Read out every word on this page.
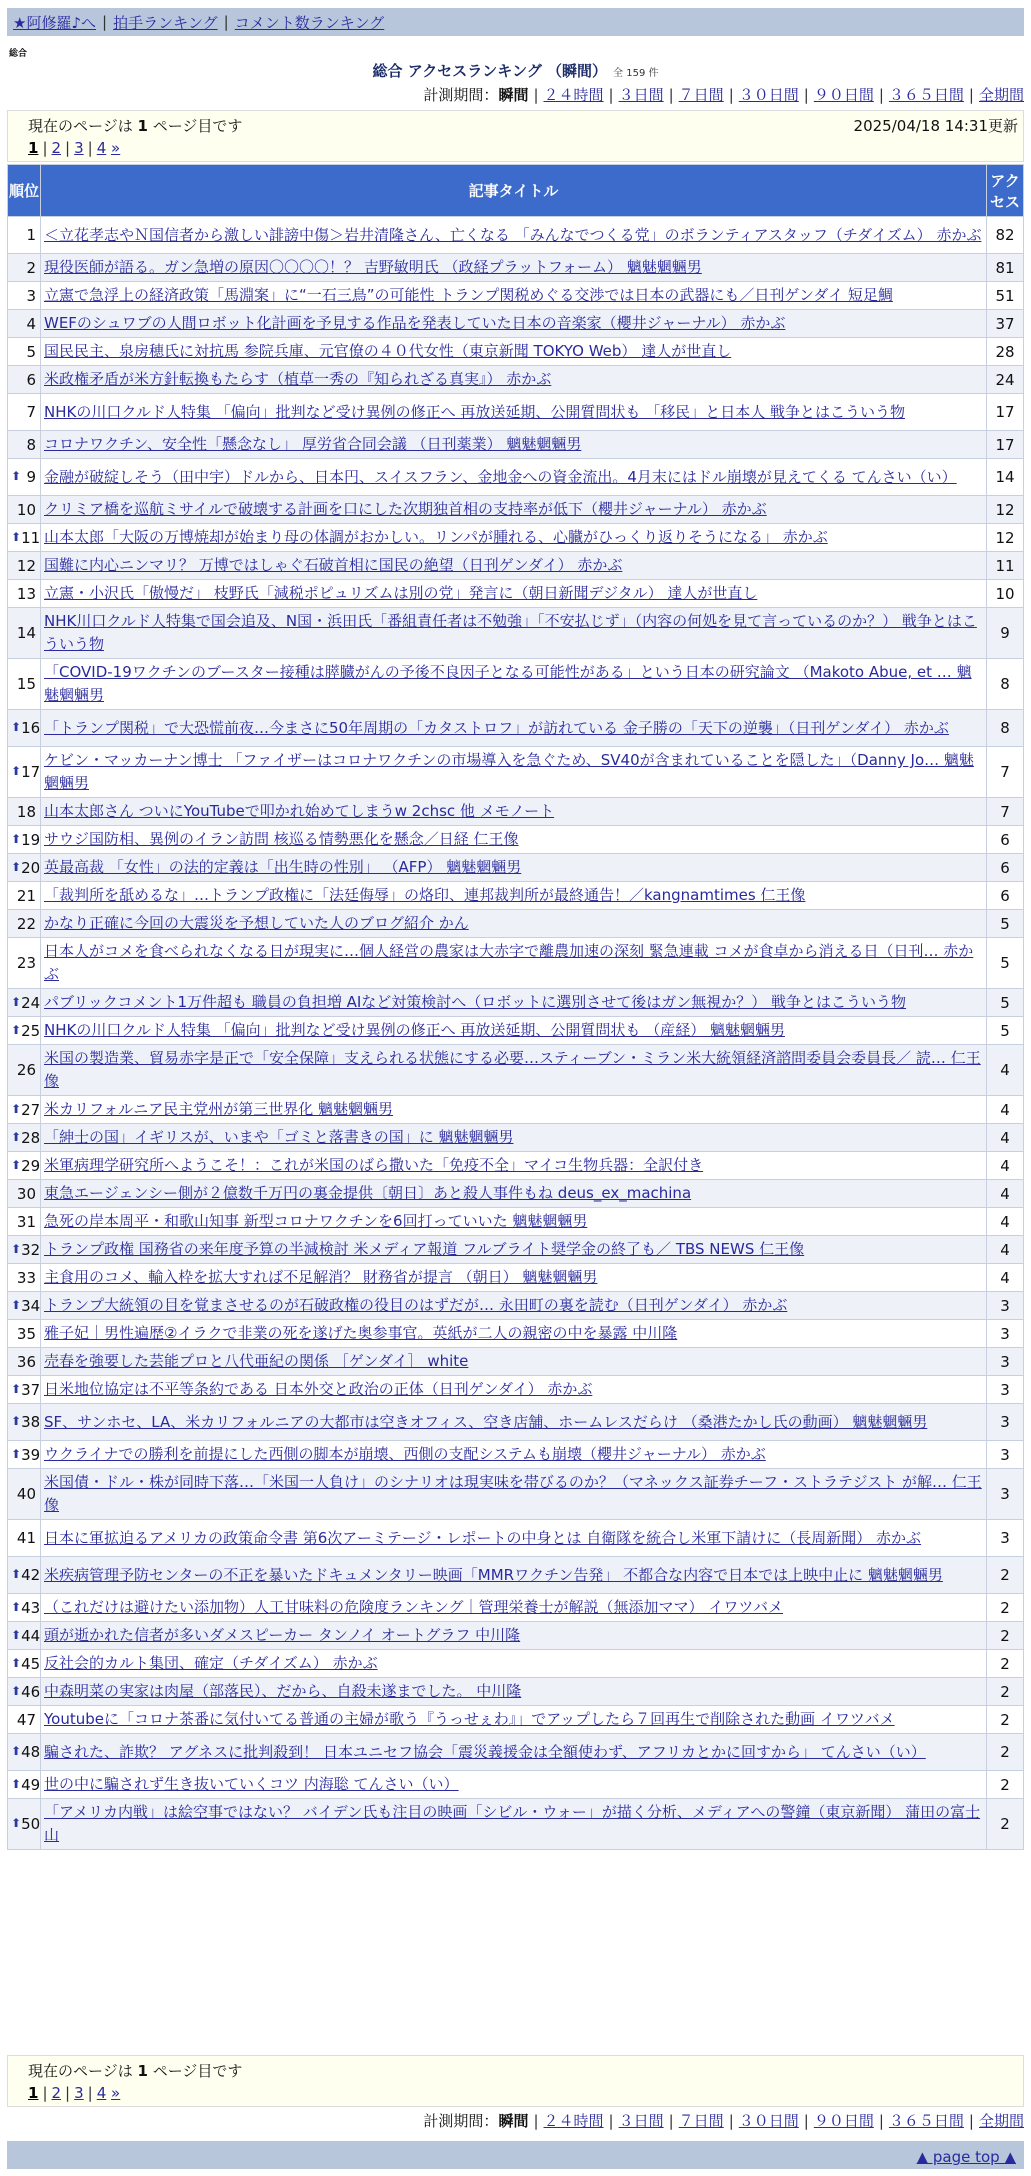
★阿修羅♪へ | 拍手ランキング | コメント数ランキング
総合
総合 アクセスランキング （瞬間） 全 159 件
計測期間：瞬間 | ２４時間 | ３日間 | ７日間 | ３０日間 | ９０日間 | ３６５日間 | 全期間
現在のページは 1 ページ目です	2025/04/18 14:31更新
1 | 2 | 3 | 4 »
順位	記事タイトル	アクセス
1	＜立花孝志やＮ国信者から激しい誹謗中傷＞岩井清隆さん、亡くなる 「みんなでつくる党」のボランティアスタッフ（チダイズム） 赤かぶ	82
2	現役医師が語る。ガン急増の原因〇〇〇〇！？ 吉野敏明氏 （政経プラットフォーム） 魑魅魍魎男	81
3	立憲で急浮上の経済政策「馬淵案」に“一石三鳥”の可能性 トランプ関税めぐる交渉では日本の武器にも／日刊ゲンダイ 短足鯛	51
4	WEFのシュワブの人間ロボット化計画を予見する作品を発表していた日本の音楽家（櫻井ジャーナル） 赤かぶ	37
5	国民民主、泉房穂氏に対抗馬 参院兵庫、元官僚の４０代女性（東京新聞 TOKYO Web） 達人が世直し	28
6	米政権矛盾が米方針転換もたらす（植草一秀の『知られざる真実』） 赤かぶ	24
7	NHKの川口クルド人特集 「偏向」批判など受け異例の修正へ 再放送延期、公開質問状も 「移民」と日本人 戦争とはこういう物	17
8	コロナワクチン、安全性「懸念なし」 厚労省合同会議 （日刊薬業） 魑魅魍魎男	17

⬆ 9	金融が破綻しそう（田中宇）ドルから、日本円、スイスフラン、金地金への資金流出。4月末にはドル崩壊が見えてくる てんさい（い）	14
10	クリミア橋を巡航ミサイルで破壊する計画を口にした次期独首相の支持率が低下（櫻井ジャーナル） 赤かぶ	12

⬆ 11	山本太郎「大阪の万博焼却が始まり母の体調がおかしい。リンパが腫れる、心臓がひっくり返りそうになる」 赤かぶ	12
12	国難に内心ニンマリ？ 万博ではしゃぐ石破首相に国民の絶望（日刊ゲンダイ） 赤かぶ	11
13	立憲・小沢氏「傲慢だ」 枝野氏「減税ポピュリズムは別の党」発言に（朝日新聞デジタル） 達人が世直し	10
14	NHK川口クルド人特集で国会追及、N国・浜田氏「番組責任者は不勉強」「不安払じず」（内容の何処を見て言っているのか？） 戦争とはこういう物	9
15	「COVID-19ワクチンのブースター接種は膵臓がんの予後不良因子となる可能性がある」という日本の研究論文 （Makoto Abue, et … 魑魅魍魎男	8

⬆ 16	「トランプ関税」で大恐慌前夜…今まさに50年周期の「カタストロフ」が訪れている 金子勝の「天下の逆襲」（日刊ゲンダイ） 赤かぶ	8

⬆ 17	ケビン・マッカーナン博士 「ファイザーはコロナワクチンの市場導入を急ぐため、SV40が含まれていることを隠した」（Danny Jo… 魑魅魍魎男	7
18	山本太郎さん ついにYouTubeで叩かれ始めてしまうw 2chsc 他 メモノート	7

⬆ 19	サウジ国防相、異例のイラン訪問 核巡る情勢悪化を懸念／日経 仁王像	6

⬆ 20	英最高裁 「女性」の法的定義は「出生時の性別」 （AFP） 魑魅魍魎男	6
21	「裁判所を舐めるな」…トランプ政権に「法廷侮辱」の烙印、連邦裁判所が最終通告！／kangnamtimes 仁王像	6
22	かなり正確に今回の大震災を予想していた人のブログ紹介 かん	5
23	日本人がコメを食べられなくなる日が現実に…個人経営の農家は大赤字で離農加速の深刻 緊急連載 コメが食卓から消える日（日刊… 赤かぶ	5

⬆ 24	パブリックコメント1万件超も 職員の負担増 AIなど対策検討へ（ロボットに選別させて後はガン無視か？） 戦争とはこういう物	5

⬆ 25	NHKの川口クルド人特集 「偏向」批判など受け異例の修正へ 再放送延期、公開質問状も （産経） 魑魅魍魎男	5
26	米国の製造業、貿易赤字是正で「安全保障」支えられる状態にする必要…スティーブン・ミラン米大統領経済諮問委員会委員長／ 読… 仁王像	4

⬆ 27	米カリフォルニア民主党州が第三世界化 魑魅魍魎男	4

⬆ 28	「紳士の国」イギリスが、いまや「ゴミと落書きの国」に 魑魅魍魎男	4

⬆ 29	米軍病理学研究所へようこそ！：これが米国のばら撒いた「免疫不全」マイコ生物兵器：全訳付き	4
30	東急エージェンシー側が２億数千万円の裏金提供〔朝日〕あと殺人事件もね deus_ex_machina	4
31	急死の岸本周平・和歌山知事 新型コロナワクチンを6回打っていいた 魑魅魍魎男	4

⬆ 32	トランプ政権 国務省の来年度予算の半減検討 米メディア報道 フルブライト奨学金の終了も／ TBS NEWS 仁王像	4
33	主食用のコメ、輸入枠を拡大すれば不足解消？ 財務省が提言 （朝日） 魑魅魍魎男	4

⬆ 34	トランプ大統領の目を覚まさせるのが石破政権の役目のはずだが… 永田町の裏を読む（日刊ゲンダイ） 赤かぶ	3
35	雅子妃｜男性遍歴②イラクで非業の死を遂げた奥参事官。英紙が二人の親密の中を暴露 中川隆	3
36	売春を強要した芸能プロと八代亜紀の関係 ［ゲンダイ］ white	3

⬆ 37	日米地位協定は不平等条約である 日本外交と政治の正体（日刊ゲンダイ） 赤かぶ	3

⬆ 38	SF、サンホセ、LA、米カリフォルニアの大都市は空きオフィス、空き店舗、ホームレスだらけ （桑港たかし氏の動画） 魑魅魍魎男	3

⬆ 39	ウクライナでの勝利を前提にした西側の脚本が崩壊、西側の支配システムも崩壊（櫻井ジャーナル） 赤かぶ	3
40	米国債・ドル・株が同時下落…「米国一人負け」のシナリオは現実味を帯びるのか？（マネックス証券チーフ・ストラテジスト が解… 仁王像	3
41	日本に軍拡迫るアメリカの政策命令書 第6次アーミテージ・レポートの中身とは 自衛隊を統合し米軍下請けに（長周新聞） 赤かぶ	3

⬆ 42	米疾病管理予防センターの不正を暴いたドキュメンタリー映画「MMRワクチン告発」 不都合な内容で日本では上映中止に 魑魅魍魎男	2

⬆ 43	（これだけは避けたい添加物）人工甘味料の危険度ランキング｜管理栄養士が解説（無添加ママ） イワツバメ	2

⬆ 44	頭が逝かれた信者が多いダメスピーカー タンノイ オートグラフ 中川隆	2

⬆ 45	反社会的カルト集団、確定（チダイズム） 赤かぶ	2

⬆ 46	中森明菜の実家は肉屋（部落民）、だから、自殺未遂までした。 中川隆	2
47	Youtubeに「コロナ茶番に気付いてる普通の主婦が歌う『うっせぇわ』」でアップしたら７回再生で削除された動画 イワツバメ	2

⬆ 48	騙された、詐欺？ アグネスに批判殺到！ 日本ユニセフ協会「震災義援金は全額使わず、アフリカとかに回すから」 てんさい（い）	2

⬆ 49	世の中に騙されず生き抜いていくコツ 内海聡 てんさい（い）	2

⬆ 50	「アメリカ内戦」は絵空事ではない？ バイデン氏も注目の映画「シビル・ウォー」が描く分析、メディアへの警鐘（東京新聞） 蒲田の富士山	2
現在のページは 1 ページ目です
1 | 2 | 3 | 4 »
計測期間：瞬間 | ２４時間 | ３日間 | ７日間 | ３０日間 | ９０日間 | ３６５日間 | 全期間
▲ page top ▲
